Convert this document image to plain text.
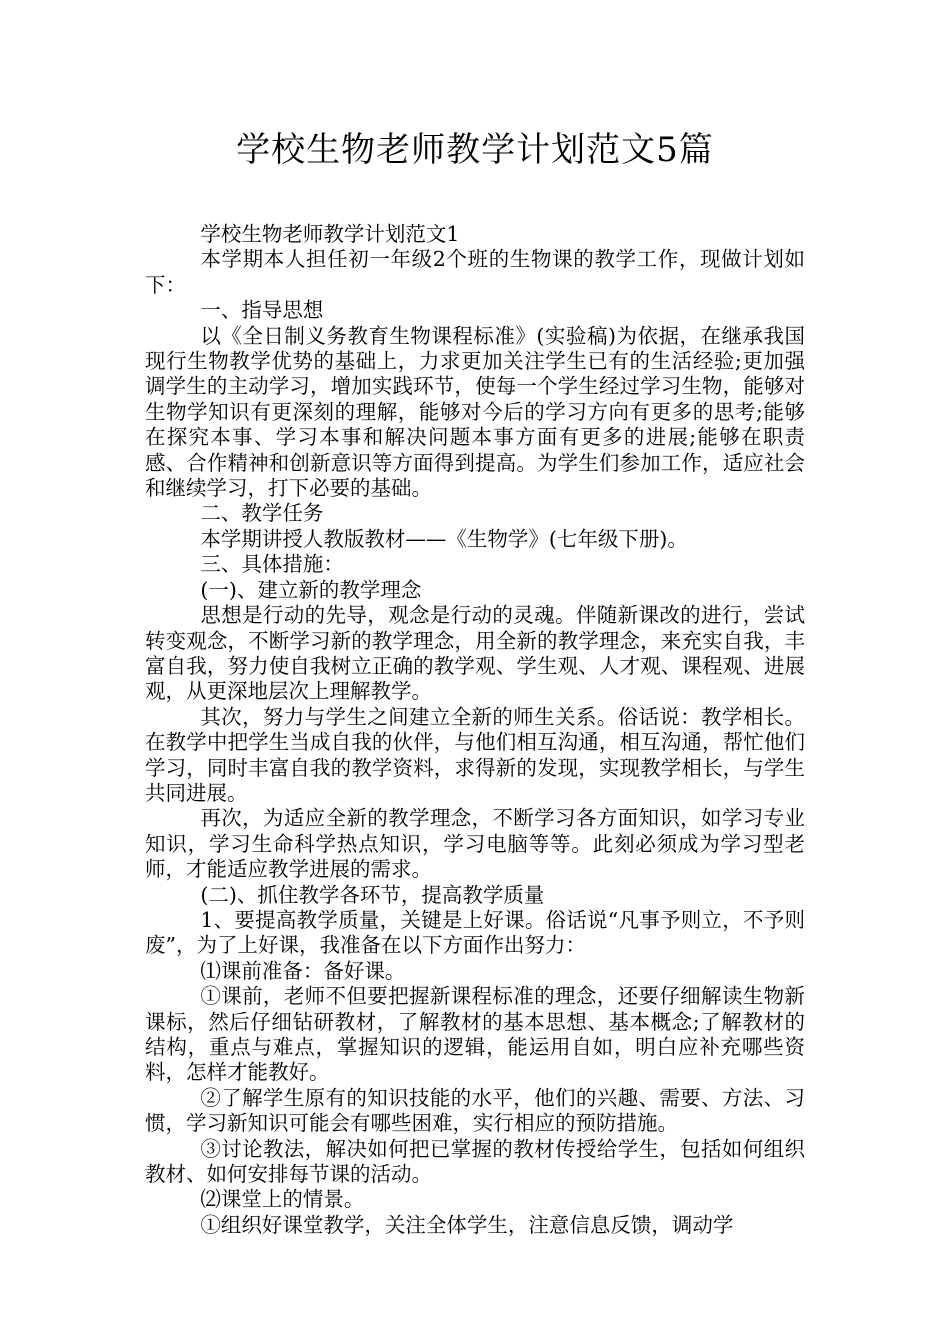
学校生物老师教学计划范文5篇

学校生物老师教学计划范文1

本学期本人担任初一年级2个班的生物课的教学工作，现做计划如下：

一、指导思想

以《全日制义务教育生物课程标准》(实验稿)为依据，在继承我国现行生物教学优势的基础上，力求更加关注学生已有的生活经验;更加强调学生的主动学习，增加实践环节，使每一个学生经过学习生物，能够对生物学知识有更深刻的理解，能够对今后的学习方向有更多的思考;能够在探究本事、学习本事和解决问题本事方面有更多的进展;能够在职责感、合作精神和创新意识等方面得到提高。为学生们参加工作，适应社会和继续学习，打下必要的基础。

二、教学任务

本学期讲授人教版教材——《生物学》(七年级下册)。

三、具体措施：

(一)、建立新的教学理念

思想是行动的先导，观念是行动的灵魂。伴随新课改的进行，尝试转变观念，不断学习新的教学理念，用全新的教学理念，来充实自我，丰富自我，努力使自我树立正确的教学观、学生观、人才观、课程观、进展观，从更深地层次上理解教学。

其次，努力与学生之间建立全新的师生关系。俗话说：教学相长。在教学中把学生当成自我的伙伴，与他们相互沟通，相互沟通，帮忙他们学习，同时丰富自我的教学资料，求得新的发现，实现教学相长，与学生共同进展。

再次，为适应全新的教学理念，不断学习各方面知识，如学习专业知识，学习生命科学热点知识，学习电脑等等。此刻必须成为学习型老师，才能适应教学进展的需求。

(二)、抓住教学各环节，提高教学质量

1、要提高教学质量，关键是上好课。俗话说“凡事予则立，不予则废”，为了上好课，我准备在以下方面作出努力：

⑴课前准备：备好课。

①课前，老师不但要把握新课程标准的理念，还要仔细解读生物新课标，然后仔细钻研教材，了解教材的基本思想、基本概念;了解教材的结构，重点与难点，掌握知识的逻辑，能运用自如，明白应补充哪些资料，怎样才能教好。

②了解学生原有的知识技能的水平，他们的兴趣、需要、方法、习惯，学习新知识可能会有哪些困难，实行相应的预防措施。

③讨论教法，解决如何把已掌握的教材传授给学生，包括如何组织教材、如何安排每节课的活动。

⑵课堂上的情景。

①组织好课堂教学，关注全体学生，注意信息反馈，调动学
